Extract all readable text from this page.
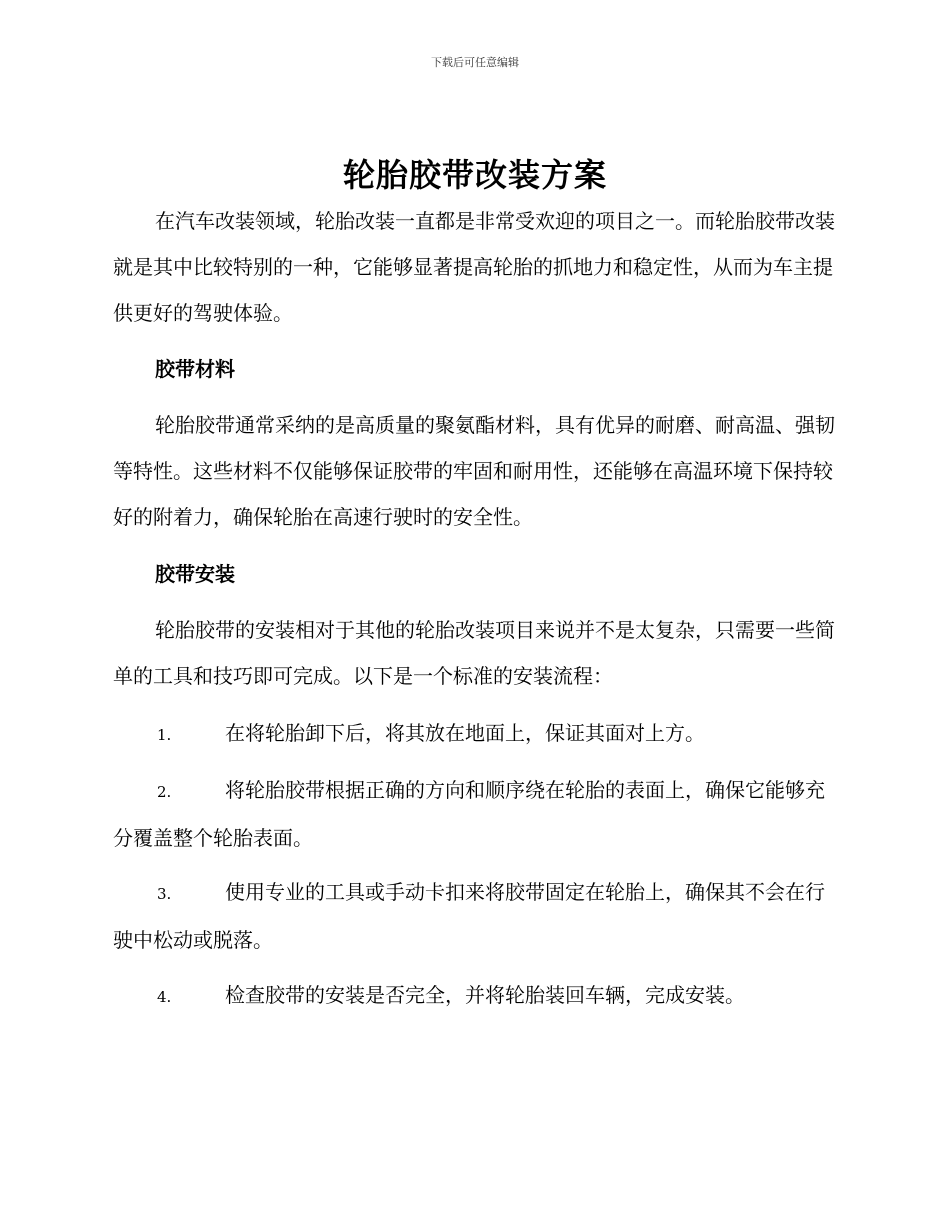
下载后可任意编辑
轮胎胶带改装方案
在汽车改装领域，轮胎改装一直都是非常受欢迎的项目之一。而轮胎胶带改装就是其中比较特别的一种，它能够显著提高轮胎的抓地力和稳定性，从而为车主提供更好的驾驶体验。
胶带材料
轮胎胶带通常采纳的是高质量的聚氨酯材料，具有优异的耐磨、耐高温、强韧等特性。这些材料不仅能够保证胶带的牢固和耐用性，还能够在高温环境下保持较好的附着力，确保轮胎在高速行驶时的安全性。
胶带安装
轮胎胶带的安装相对于其他的轮胎改装项目来说并不是太复杂，只需要一些简单的工具和技巧即可完成。以下是一个标准的安装流程：
1.	在将轮胎卸下后，将其放在地面上，保证其面对上方。
2.	将轮胎胶带根据正确的方向和顺序绕在轮胎的表面上，确保它能够充分覆盖整个轮胎表面。
3.	使用专业的工具或手动卡扣来将胶带固定在轮胎上，确保其不会在行驶中松动或脱落。
4.	检查胶带的安装是否完全，并将轮胎装回车辆，完成安装。
